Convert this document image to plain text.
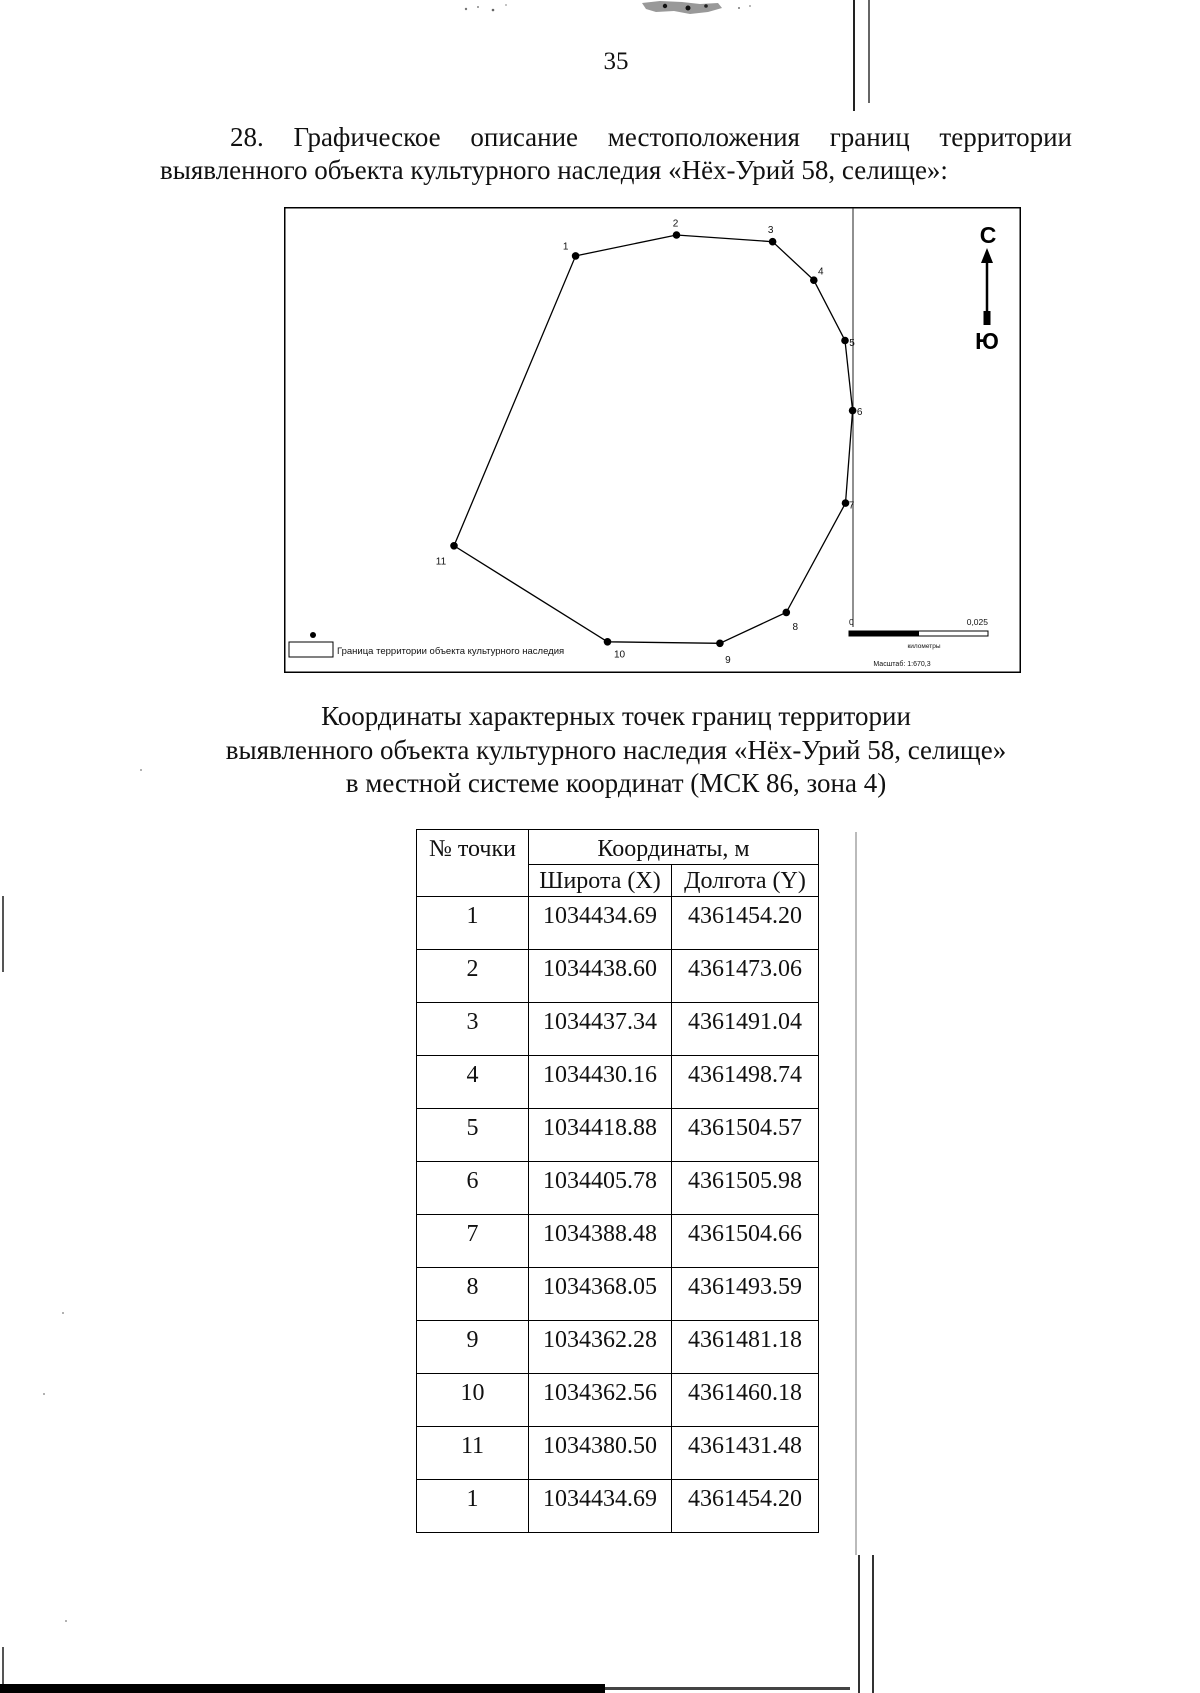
35
28. Графическое описание местоположения границ территории
выявленного объекта культурного наследия «Нёх-Урий 58, селище»:
1
2
3
4
5
6
7
8
9
10
11
С
Ю
0	0,025
километры
Масштаб: 1:670,3
Граница территории объекта культурного наследия
Координаты характерных точек границ территории
выявленного объекта культурного наследия «Нёх-Урий 58, селище»
в местной системе координат (МСК 86, зона 4)
№ точки	Координаты, м	
	Широта (X)	Долгота (Y)
1	1034434.69	4361454.20
2	1034438.60	4361473.06
3	1034437.34	4361491.04
4	1034430.16	4361498.74
5	1034418.88	4361504.57
6	1034405.78	4361505.98
7	1034388.48	4361504.66
8	1034368.05	4361493.59
9	1034362.28	4361481.18
10	1034362.56	4361460.18
11	1034380.50	4361431.48
1	1034434.69	4361454.20
